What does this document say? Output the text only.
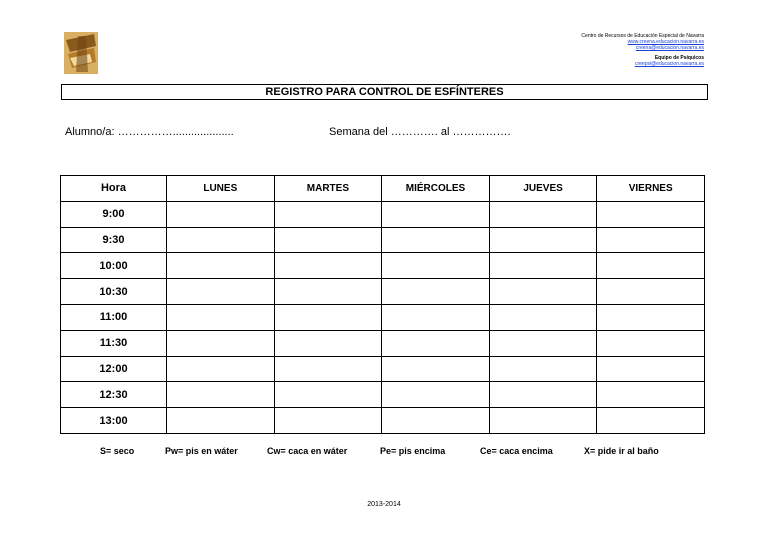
Centro de Recursos de Educación Especial de Navarra
www.creena.educacion.navarra.es
creena@educacion.navarra.es
Equipo de Psíquicos
creepsi@educacion.navarra.es
REGISTRO PARA CONTROL DE ESFÍNTERES
Alumno/a: ……………....................	Semana del …………. al …………….
Hora	LUNES	MARTES	MIÉRCOLES	JUEVES	VIERNES
9:00					
9:30					
10:00					
10:30					
11:00					
11:30					
12:00					
12:30					
13:00					
S= seco	Pw= pis en wáter	Cw= caca en wáter	Pe= pis encima	Ce= caca encima	X= pide ir al baño
2013-2014
